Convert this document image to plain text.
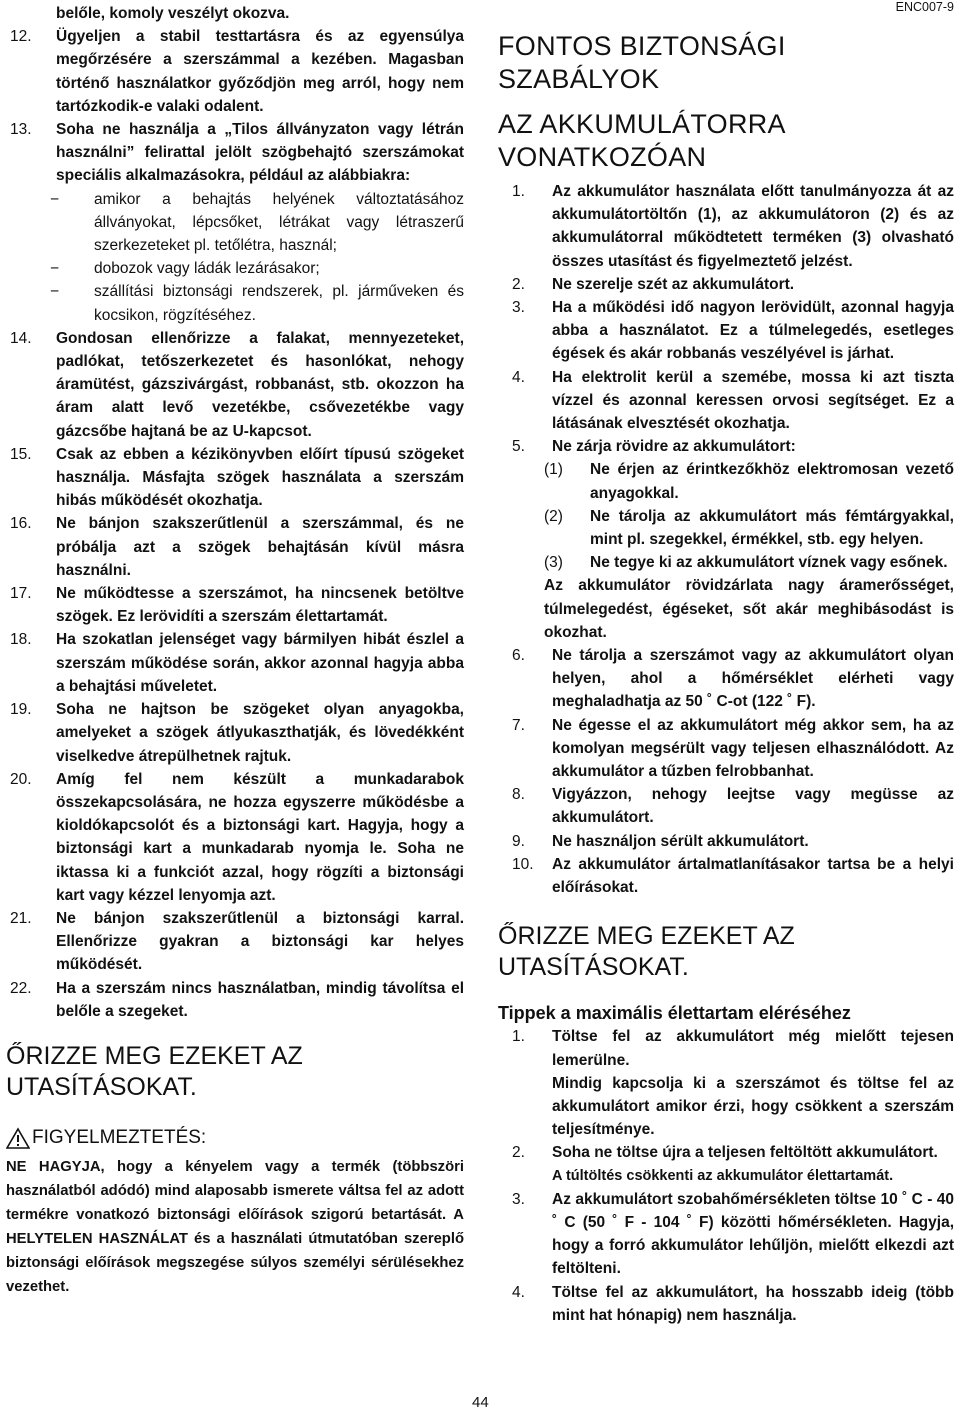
ENC007-9
belőle, komoly veszélyt okozva.
12. Ügyeljen a stabil testtartásra és az egyensúlya megőrzésére a szerszámmal a kezében. Magasban történő használatkor győződjön meg arról, hogy nem tartózkodik-e valaki odalent.
13. Soha ne használja a „Tilos állványzaton vagy létrán használni” felirattal jelölt szögbehajtó szerszámokat speciális alkalmazásokra, például az alábbiakra:
− amikor a behajtás helyének változtatásához állványokat, lépcsőket, létrákat vagy létraszerű szerkezeteket pl. tetőlétra, használ;
− dobozok vagy ládák lezárásakor;
− szállítási biztonsági rendszerek, pl. járműveken és kocsikon, rögzítéséhez.
14. Gondosan ellenőrizze a falakat, mennyezeteket, padlókat, tetőszerkezetet és hasonlókat, nehogy áramütést, gázszivárgást, robbanást, stb. okozzon ha áram alatt levő vezetékbe, csővezetékbe vagy gázcsőbe hajtaná be az U-kapcsot.
15. Csak az ebben a kézikönyvben előírt típusú szögeket használja. Másfajta szögek használata a szerszám hibás működését okozhatja.
16. Ne bánjon szakszerűtlenül a szerszámmal, és ne próbálja azt a szögek behajtásán kívül másra használni.
17. Ne működtesse a szerszámot, ha nincsenek betöltve szögek. Ez lerövidíti a szerszám élettartamát.
18. Ha szokatlan jelenséget vagy bármilyen hibát észlel a szerszám működése során, akkor azonnal hagyja abba a behajtási műveletet.
19. Soha ne hajtson be szögeket olyan anyagokba, amelyeket a szögek átlyukaszthatják, és lövedékként viselkedve átrepülhetnek rajtuk.
20. Amíg fel nem készült a munkadarabok összekapcsolására, ne hozza egyszerre működésbe a kioldókapcsolót és a biztonsági kart. Hagyja, hogy a biztonsági kart a munkadarab nyomja le. Soha ne iktassa ki a funkciót azzal, hogy rögzíti a biztonsági kart vagy kézzel lenyomja azt.
21. Ne bánjon szakszerűtlenül a biztonsági karral. Ellenőrizze gyakran a biztonsági kar helyes működését.
22. Ha a szerszám nincs használatban, mindig távolítsa el belőle a szegeket.
ŐRIZZE MEG EZEKET AZ UTASÍTÁSOKAT.
FIGYELMEZTETÉS:
NE HAGYJA, hogy a kényelem vagy a termék (többszöri használatból adódó) mind alaposabb ismerete váltsa fel az adott termékre vonatkozó biztonsági előírások szigorú betartását. A HELYTELEN HASZNÁLAT és a használati útmutatóban szereplő biztonsági előírások megszegése súlyos személyi sérülésekhez vezethet.
FONTOS BIZTONSÁGI SZABÁLYOK
AZ AKKUMULÁTORRA VONATKOZÓAN
1. Az akkumulátor használata előtt tanulmányozza át az akkumulátortöltőn (1), az akkumulátoron (2) és az akkumulátorral működtetett terméken (3) olvasható összes utasítást és figyelmeztető jelzést.
2. Ne szerelje szét az akkumulátort.
3. Ha a működési idő nagyon lerövidült, azonnal hagyja abba a használatot. Ez a túlmelegedés, esetleges égések és akár robbanás veszélyével is járhat.
4. Ha elektrolit kerül a szemébe, mossa ki azt tiszta vízzel és azonnal keressen orvosi segítséget. Ez a látásának elvesztését okozhatja.
5. Ne zárja rövidre az akkumulátort:
(1) Ne érjen az érintkezőkhöz elektromosan vezető anyagokkal.
(2) Ne tárolja az akkumulátort más fémtárgyakkal, mint pl. szegekkel, érmékkel, stb. egy helyen.
(3) Ne tegye ki az akkumulátort víznek vagy esőnek.
Az akkumulátor rövidzárlata nagy áramerősséget, túlmelegedést, égéseket, sőt akár meghibásodást is okozhat.
6. Ne tárolja a szerszámot vagy az akkumulátort olyan helyen, ahol a hőmérséklet elérheti vagy meghaladhatja az 50 ˚ C-ot (122 ˚ F).
7. Ne égesse el az akkumulátort még akkor sem, ha az komolyan megsérült vagy teljesen elhasználódott. Az akkumulátor a tűzben felrobbanhat.
8. Vigyázzon, nehogy leejtse vagy megüsse az akkumulátort.
9. Ne használjon sérült akkumulátort.
10. Az akkumulátor ártalmatlanításakor tartsa be a helyi előírásokat.
ŐRIZZE MEG EZEKET AZ UTASÍTÁSOKAT.
Tippek a maximális élettartam eléréséhez
1. Töltse fel az akkumulátort még mielőtt tejesen lemerülne.
Mindig kapcsolja ki a szerszámot és töltse fel az akkumulátort amikor érzi, hogy csökkent a szerszám teljesítménye.
2. Soha ne töltse újra a teljesen feltöltött akkumulátort.
A túltöltés csökkenti az akkumulátor élettartamát.
3. Az akkumulátort szobahőmérsékleten töltse 10 ˚ C - 40 ˚ C (50 ˚ F - 104 ˚ F) közötti hőmérsékleten. Hagyja, hogy a forró akkumulátor lehűljön, mielőtt elkezdi azt feltölteni.
4. Töltse fel az akkumulátort, ha hosszabb ideig (több mint hat hónapig) nem használja.
44
